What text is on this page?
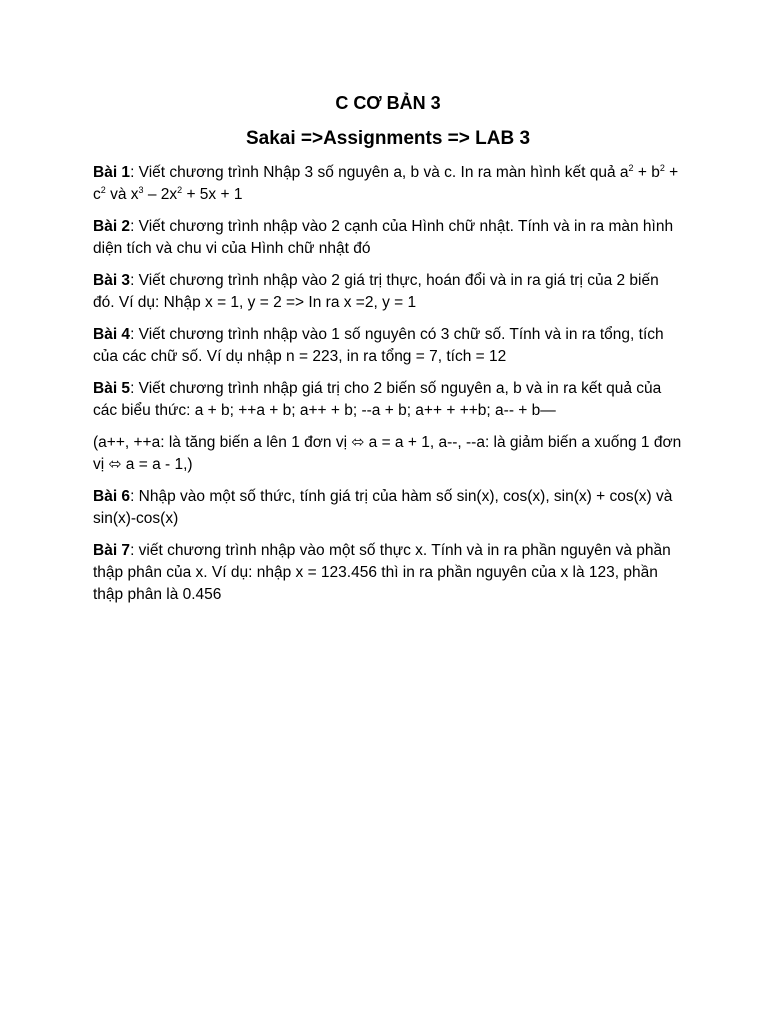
C CƠ BẢN 3
Sakai =>Assignments => LAB 3

Bài 1: Viết chương trình Nhập 3 số nguyên a, b và c. In ra màn hình kết quả $a^2 + b^2 + c^2$ và $x^3 - 2x^2 + 5x + 1$

Bài 2: Viết chương trình nhập vào 2 cạnh của Hình chữ nhật. Tính và in ra màn hình diện tích và chu vi của Hình chữ nhật đó

Bài 3: Viết chương trình nhập vào 2 giá trị thực, hoán đổi và in ra giá trị của 2 biến đó. Ví dụ: Nhập x = 1, y = 2 => In ra x =2, y = 1

Bài 4: Viết chương trình nhập vào 1 số nguyên có 3 chữ số. Tính và in ra tổng, tích của các chữ số. Ví dụ nhập n = 223, in ra tổng = 7, tích = 12

Bài 5: Viết chương trình nhập giá trị cho 2 biến số nguyên a, b và in ra kết quả của các biểu thức: a + b; ++a + b; a++ + b; --a + b; a++ + ++b; a-- + b—

(a++, ++a: là tăng biến a lên 1 đơn vị ⬄ a = a + 1, a--, --a: là giảm biến a xuống 1 đơn vị ⬄ a = a - 1,)

Bài 6: Nhập vào một số thức, tính giá trị của hàm số sin(x), cos(x), sin(x) + cos(x) và sin(x)-cos(x)

Bài 7: viết chương trình nhập vào một số thực x. Tính và in ra phần nguyên và phần thập phân của x. Ví dụ: nhập x = 123.456 thì in ra phần nguyên của x là 123, phần thập phân là 0.456
